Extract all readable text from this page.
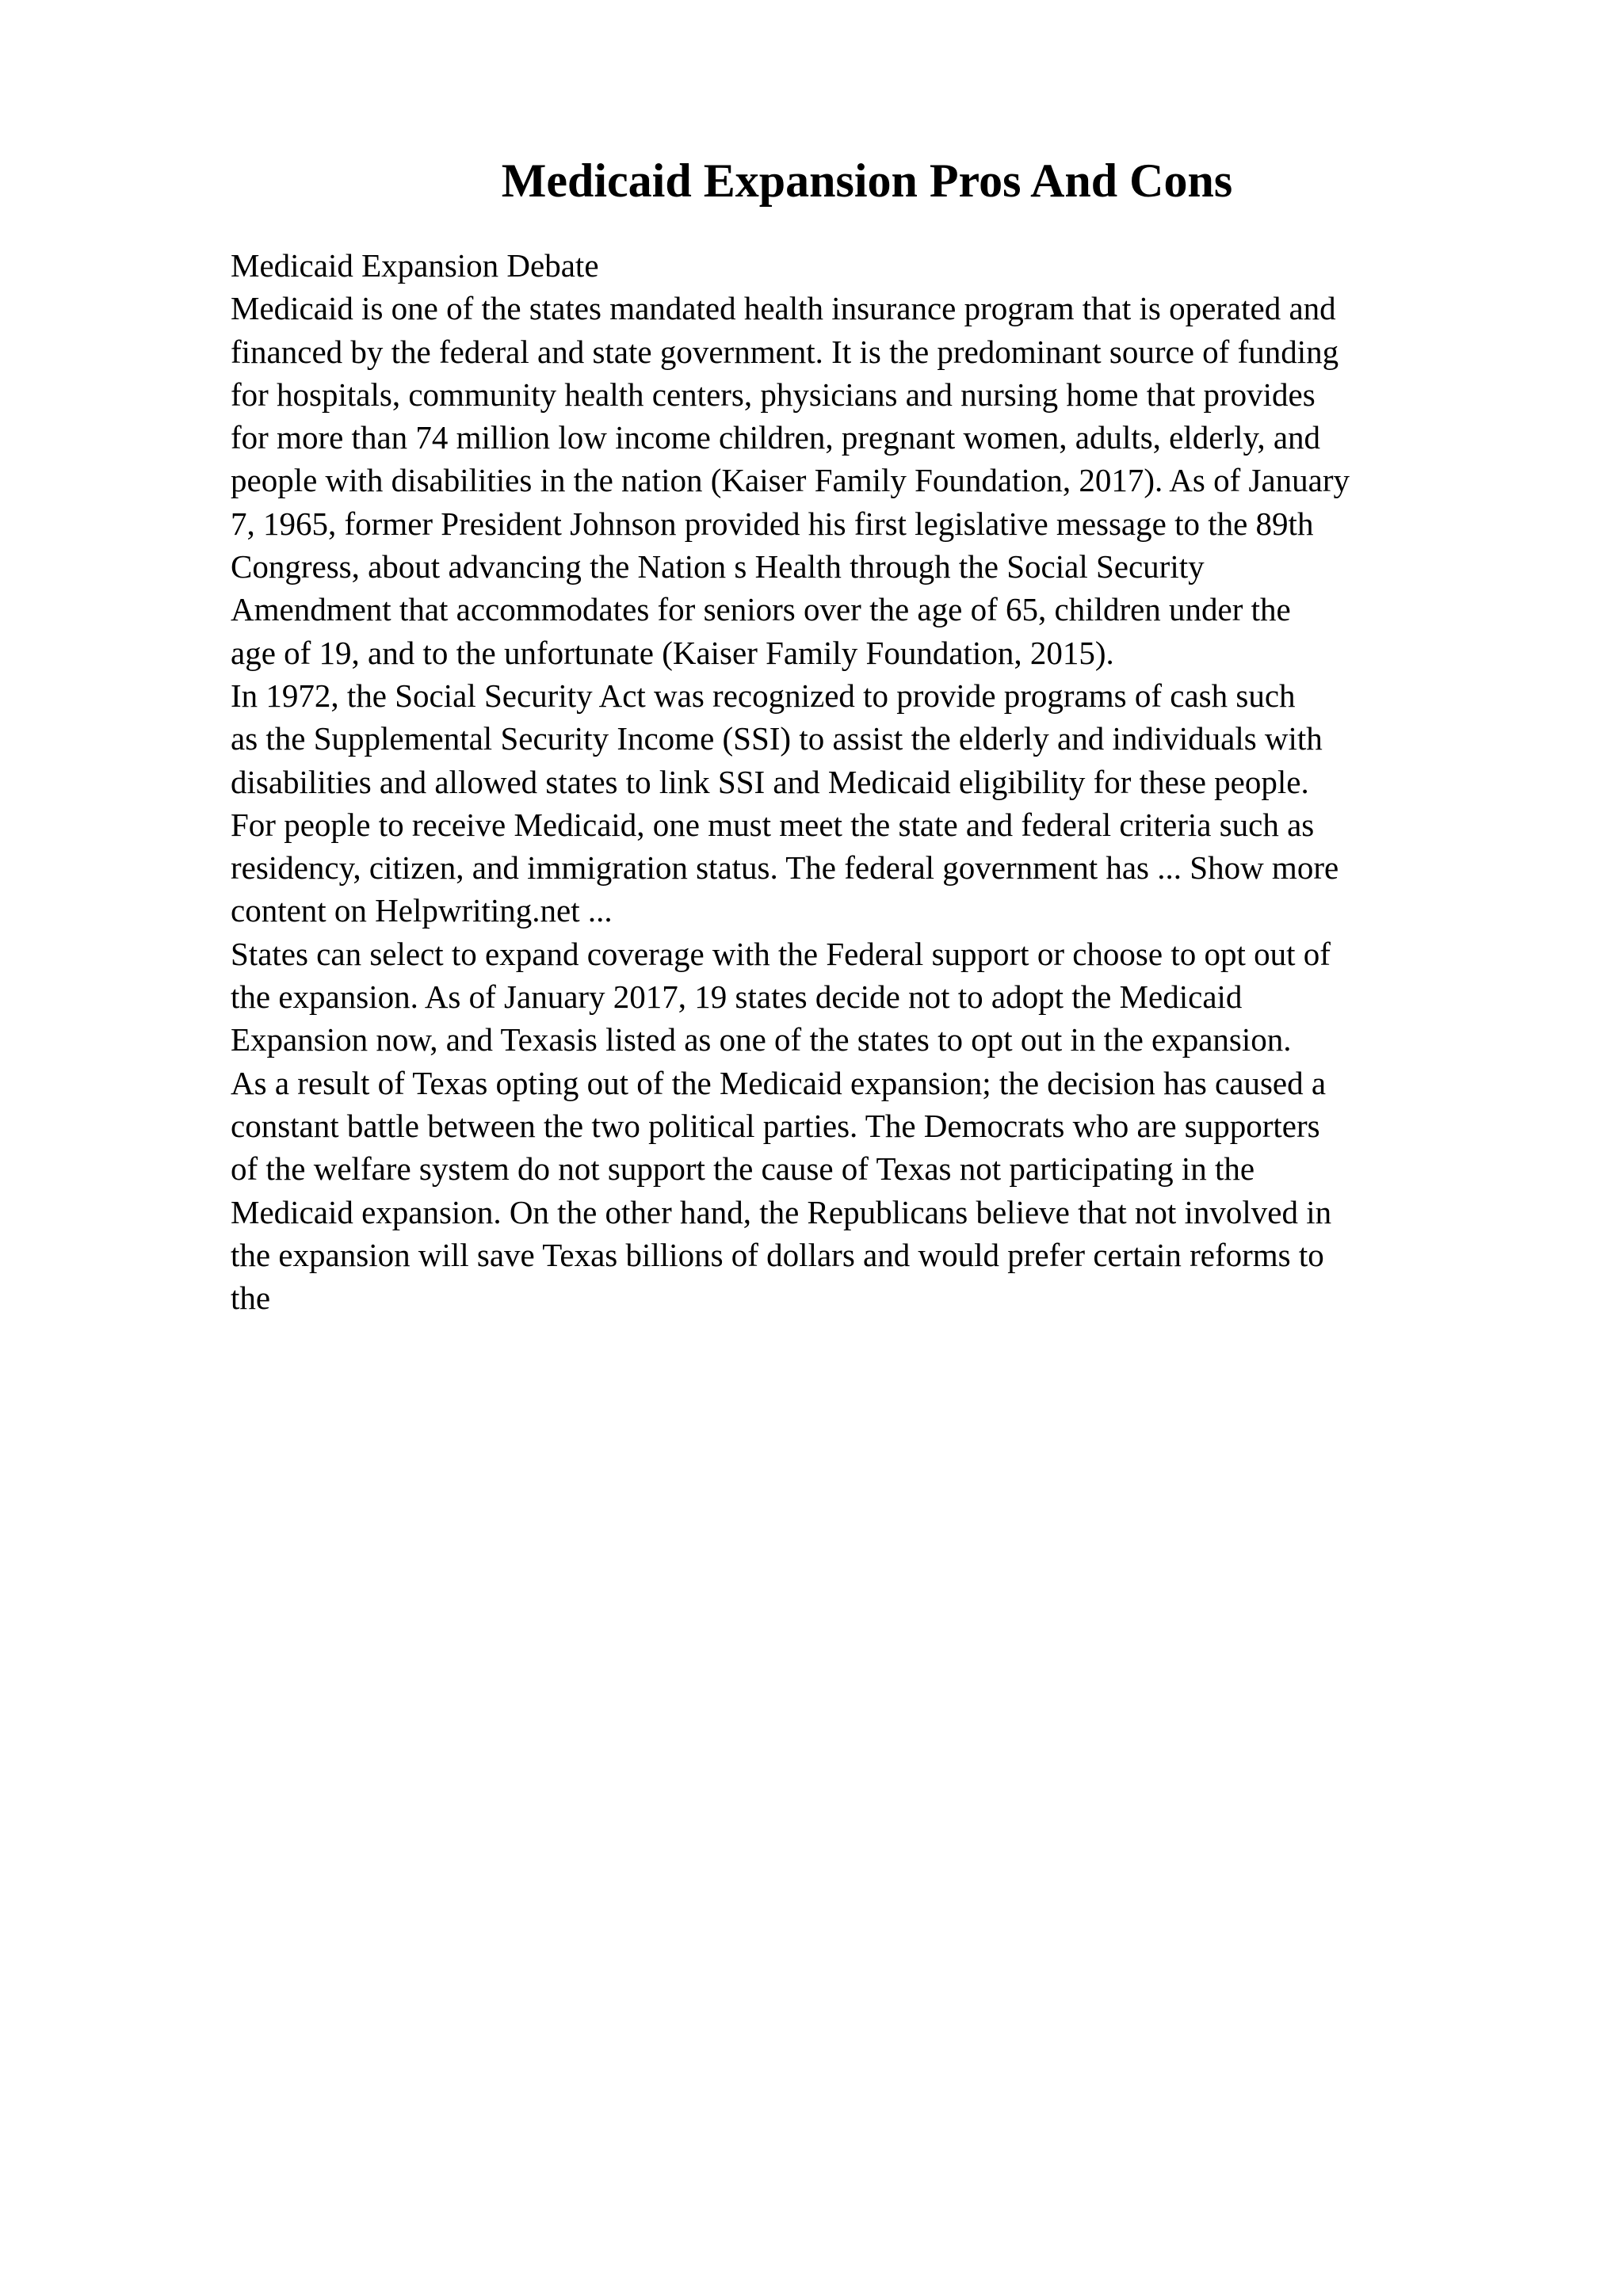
Medicaid Expansion Pros And Cons
Medicaid Expansion Debate
Medicaid is one of the states mandated health insurance program that is operated and
financed by the federal and state government. It is the predominant source of funding
for hospitals, community health centers, physicians and nursing home that provides
for more than 74 million low income children, pregnant women, adults, elderly, and
people with disabilities in the nation (Kaiser Family Foundation, 2017). As of January
7, 1965, former President Johnson provided his first legislative message to the 89th
Congress, about advancing the Nation s Health through the Social Security
Amendment that accommodates for seniors over the age of 65, children under the
age of 19, and to the unfortunate (Kaiser Family Foundation, 2015).
In 1972, the Social Security Act was recognized to provide programs of cash such
as the Supplemental Security Income (SSI) to assist the elderly and individuals with
disabilities and allowed states to link SSI and Medicaid eligibility for these people.
For people to receive Medicaid, one must meet the state and federal criteria such as
residency, citizen, and immigration status. The federal government has ... Show more
content on Helpwriting.net ...
States can select to expand coverage with the Federal support or choose to opt out of
the expansion. As of January 2017, 19 states decide not to adopt the Medicaid
Expansion now, and Texasis listed as one of the states to opt out in the expansion.
As a result of Texas opting out of the Medicaid expansion; the decision has caused a
constant battle between the two political parties. The Democrats who are supporters
of the welfare system do not support the cause of Texas not participating in the
Medicaid expansion. On the other hand, the Republicans believe that not involved in
the expansion will save Texas billions of dollars and would prefer certain reforms to
the
